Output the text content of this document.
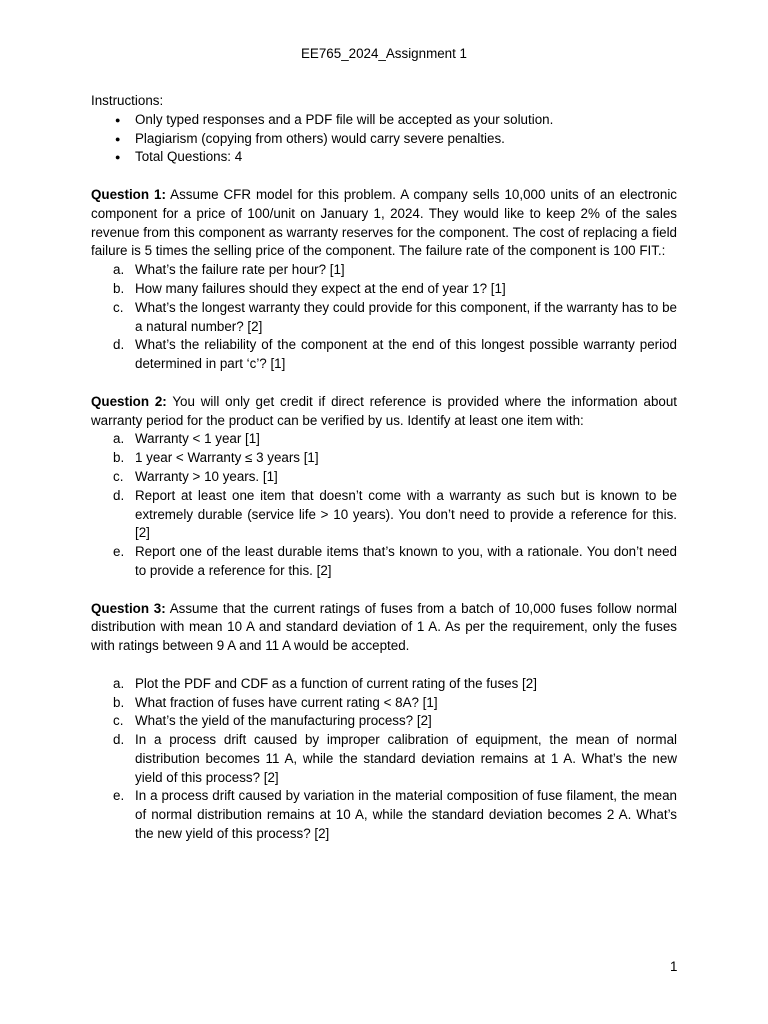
EE765_2024_Assignment 1
Instructions:
● Only typed responses and a PDF file will be accepted as your solution.
● Plagiarism (copying from others) would carry severe penalties.
● Total Questions: 4

Question 1: Assume CFR model for this problem. A company sells 10,000 units of an electronic component for a price of 100/unit on January 1, 2024. They would like to keep 2% of the sales revenue from this component as warranty reserves for the component. The cost of replacing a field failure is 5 times the selling price of the component. The failure rate of the component is 100 FIT.:

a. What’s the failure rate per hour? [1]
b. How many failures should they expect at the end of year 1? [1]
c. What’s the longest warranty they could provide for this component, if the warranty has to be a natural number? [2]
d. What’s the reliability of the component at the end of this longest possible warranty period determined in part ‘c’? [1]

Question 2: You will only get credit if direct reference is provided where the information about warranty period for the product can be verified by us. Identify at least one item with:

a. Warranty < 1 year [1]
b. 1 year < Warranty ≤ 3 years [1]
c. Warranty > 10 years. [1]
d. Report at least one item that doesn’t come with a warranty as such but is known to be extremely durable (service life > 10 years). You don’t need to provide a reference for this. [2]
e. Report one of the least durable items that’s known to you, with a rationale. You don’t need to provide a reference for this. [2]

Question 3: Assume that the current ratings of fuses from a batch of 10,000 fuses follow normal distribution with mean 10 A and standard deviation of 1 A. As per the requirement, only the fuses with ratings between 9 A and 11 A would be accepted.

a. Plot the PDF and CDF as a function of current rating of the fuses [2]
b. What fraction of fuses have current rating < 8A? [1]
c. What’s the yield of the manufacturing process? [2]
d. In a process drift caused by improper calibration of equipment, the mean of normal distribution becomes 11 A, while the standard deviation remains at 1 A. What’s the new yield of this process? [2]
e. In a process drift caused by variation in the material composition of fuse filament, the mean of normal distribution remains at 10 A, while the standard deviation becomes 2 A. What’s the new yield of this process? [2]
1
